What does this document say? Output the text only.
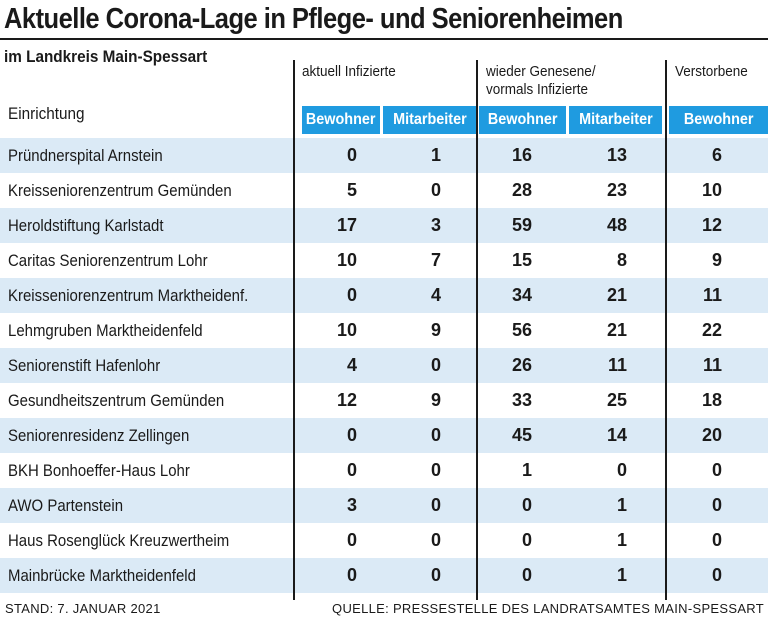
Aktuelle Corona-Lage in Pflege- und Seniorenheimen
im Landkreis Main-Spessart
aktuell Infizierte	wieder Genesene/
vormals Infizierte
Verstorbene
Einrichtung	Bewohner Mitarbeiter Bewohner Mitarbeiter Bewohner
Pründnerspital Arnstein	0	1	16	13	6
Kreisseniorenzentrum Gemünden	5	0	28	23	10
Heroldstiftung Karlstadt	17	3	59	48	12
Caritas Seniorenzentrum Lohr	10	7	15	8	9
Kreisseniorenzentrum Marktheidenf.	0	4	34	21	11
Lehmgruben Marktheidenfeld	10	9	56	21	22
Seniorenstift Hafenlohr	4	0	26	11	11
Gesundheitszentrum Gemünden	12	9	33	25	18
Seniorenresidenz Zellingen	0	0	45	14	20
BKH Bonhoeffer-Haus Lohr	0	0	1	0	0
AWO Partenstein	3	0	0	1	0
Haus Rosenglück Kreuzwertheim	0	0	0	1	0
Mainbrücke Marktheidenfeld	0	0	0	1	0
STAND: 7. JANUAR 2021	QUELLE: PRESSESTELLE DES LANDRATSAMTES MAIN-SPESSART
